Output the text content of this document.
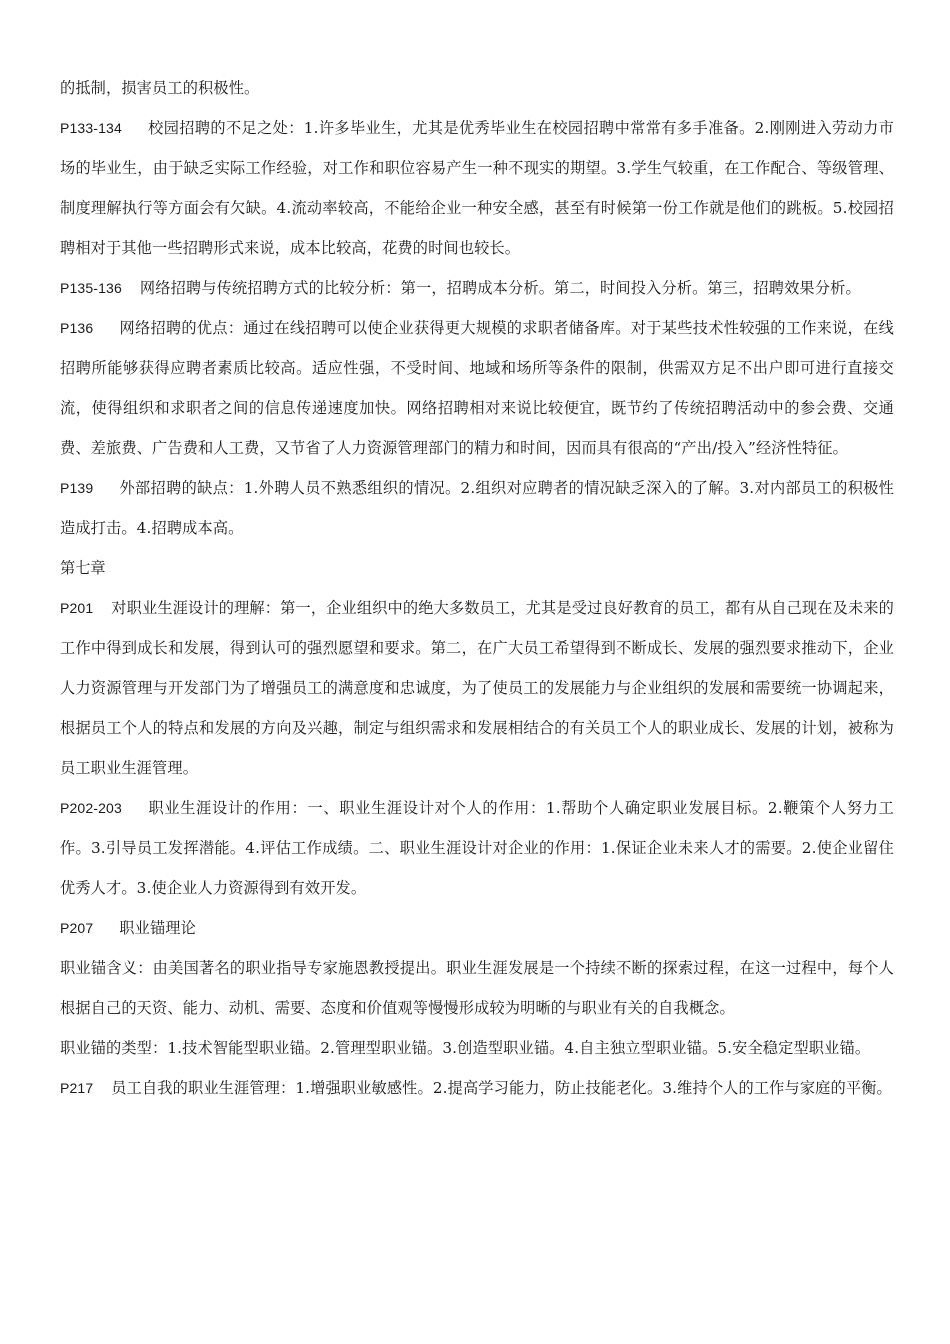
的抵制，损害员工的积极性。

P133-134 校园招聘的不足之处：1.许多毕业生，尤其是优秀毕业生在校园招聘中常常有多手准备。2.刚刚进入劳动力市场的毕业生，由于缺乏实际工作经验，对工作和职位容易产生一种不现实的期望。3.学生气较重，在工作配合、等级管理、制度理解执行等方面会有欠缺。4.流动率较高，不能给企业一种安全感，甚至有时候第一份工作就是他们的跳板。5.校园招聘相对于其他一些招聘形式来说，成本比较高，花费的时间也较长。

P135-136 网络招聘与传统招聘方式的比较分析：第一，招聘成本分析。第二，时间投入分析。第三，招聘效果分析。

P136 网络招聘的优点：通过在线招聘可以使企业获得更大规模的求职者储备库。对于某些技术性较强的工作来说，在线招聘所能够获得应聘者素质比较高。适应性强，不受时间、地域和场所等条件的限制，供需双方足不出户即可进行直接交流，使得组织和求职者之间的信息传递速度加快。网络招聘相对来说比较便宜，既节约了传统招聘活动中的参会费、交通费、差旅费、广告费和人工费，又节省了人力资源管理部门的精力和时间，因而具有很高的“产出/投入”经济性特征。

P139 外部招聘的缺点：1.外聘人员不熟悉组织的情况。2.组织对应聘者的情况缺乏深入的了解。3.对内部员工的积极性造成打击。4.招聘成本高。

第七章

P201 对职业生涯设计的理解：第一，企业组织中的绝大多数员工，尤其是受过良好教育的员工，都有从自己现在及未来的工作中得到成长和发展，得到认可的强烈愿望和要求。第二，在广大员工希望得到不断成长、发展的强烈要求推动下，企业人力资源管理与开发部门为了增强员工的满意度和忠诚度，为了使员工的发展能力与企业组织的发展和需要统一协调起来，根据员工个人的特点和发展的方向及兴趣，制定与组织需求和发展相结合的有关员工个人的职业成长、发展的计划，被称为员工职业生涯管理。

P202-203 职业生涯设计的作用：一、职业生涯设计对个人的作用：1.帮助个人确定职业发展目标。2.鞭策个人努力工作。3.引导员工发挥潜能。4.评估工作成绩。二、职业生涯设计对企业的作用：1.保证企业未来人才的需要。2.使企业留住优秀人才。3.使企业人力资源得到有效开发。

P207 职业锚理论

职业锚含义：由美国著名的职业指导专家施恩教授提出。职业生涯发展是一个持续不断的探索过程，在这一过程中，每个人根据自己的天资、能力、动机、需要、态度和价值观等慢慢形成较为明晰的与职业有关的自我概念。

职业锚的类型：1.技术智能型职业锚。2.管理型职业锚。3.创造型职业锚。4.自主独立型职业锚。5.安全稳定型职业锚。

P217 员工自我的职业生涯管理：1.增强职业敏感性。2.提高学习能力，防止技能老化。3.维持个人的工作与家庭的平衡。
